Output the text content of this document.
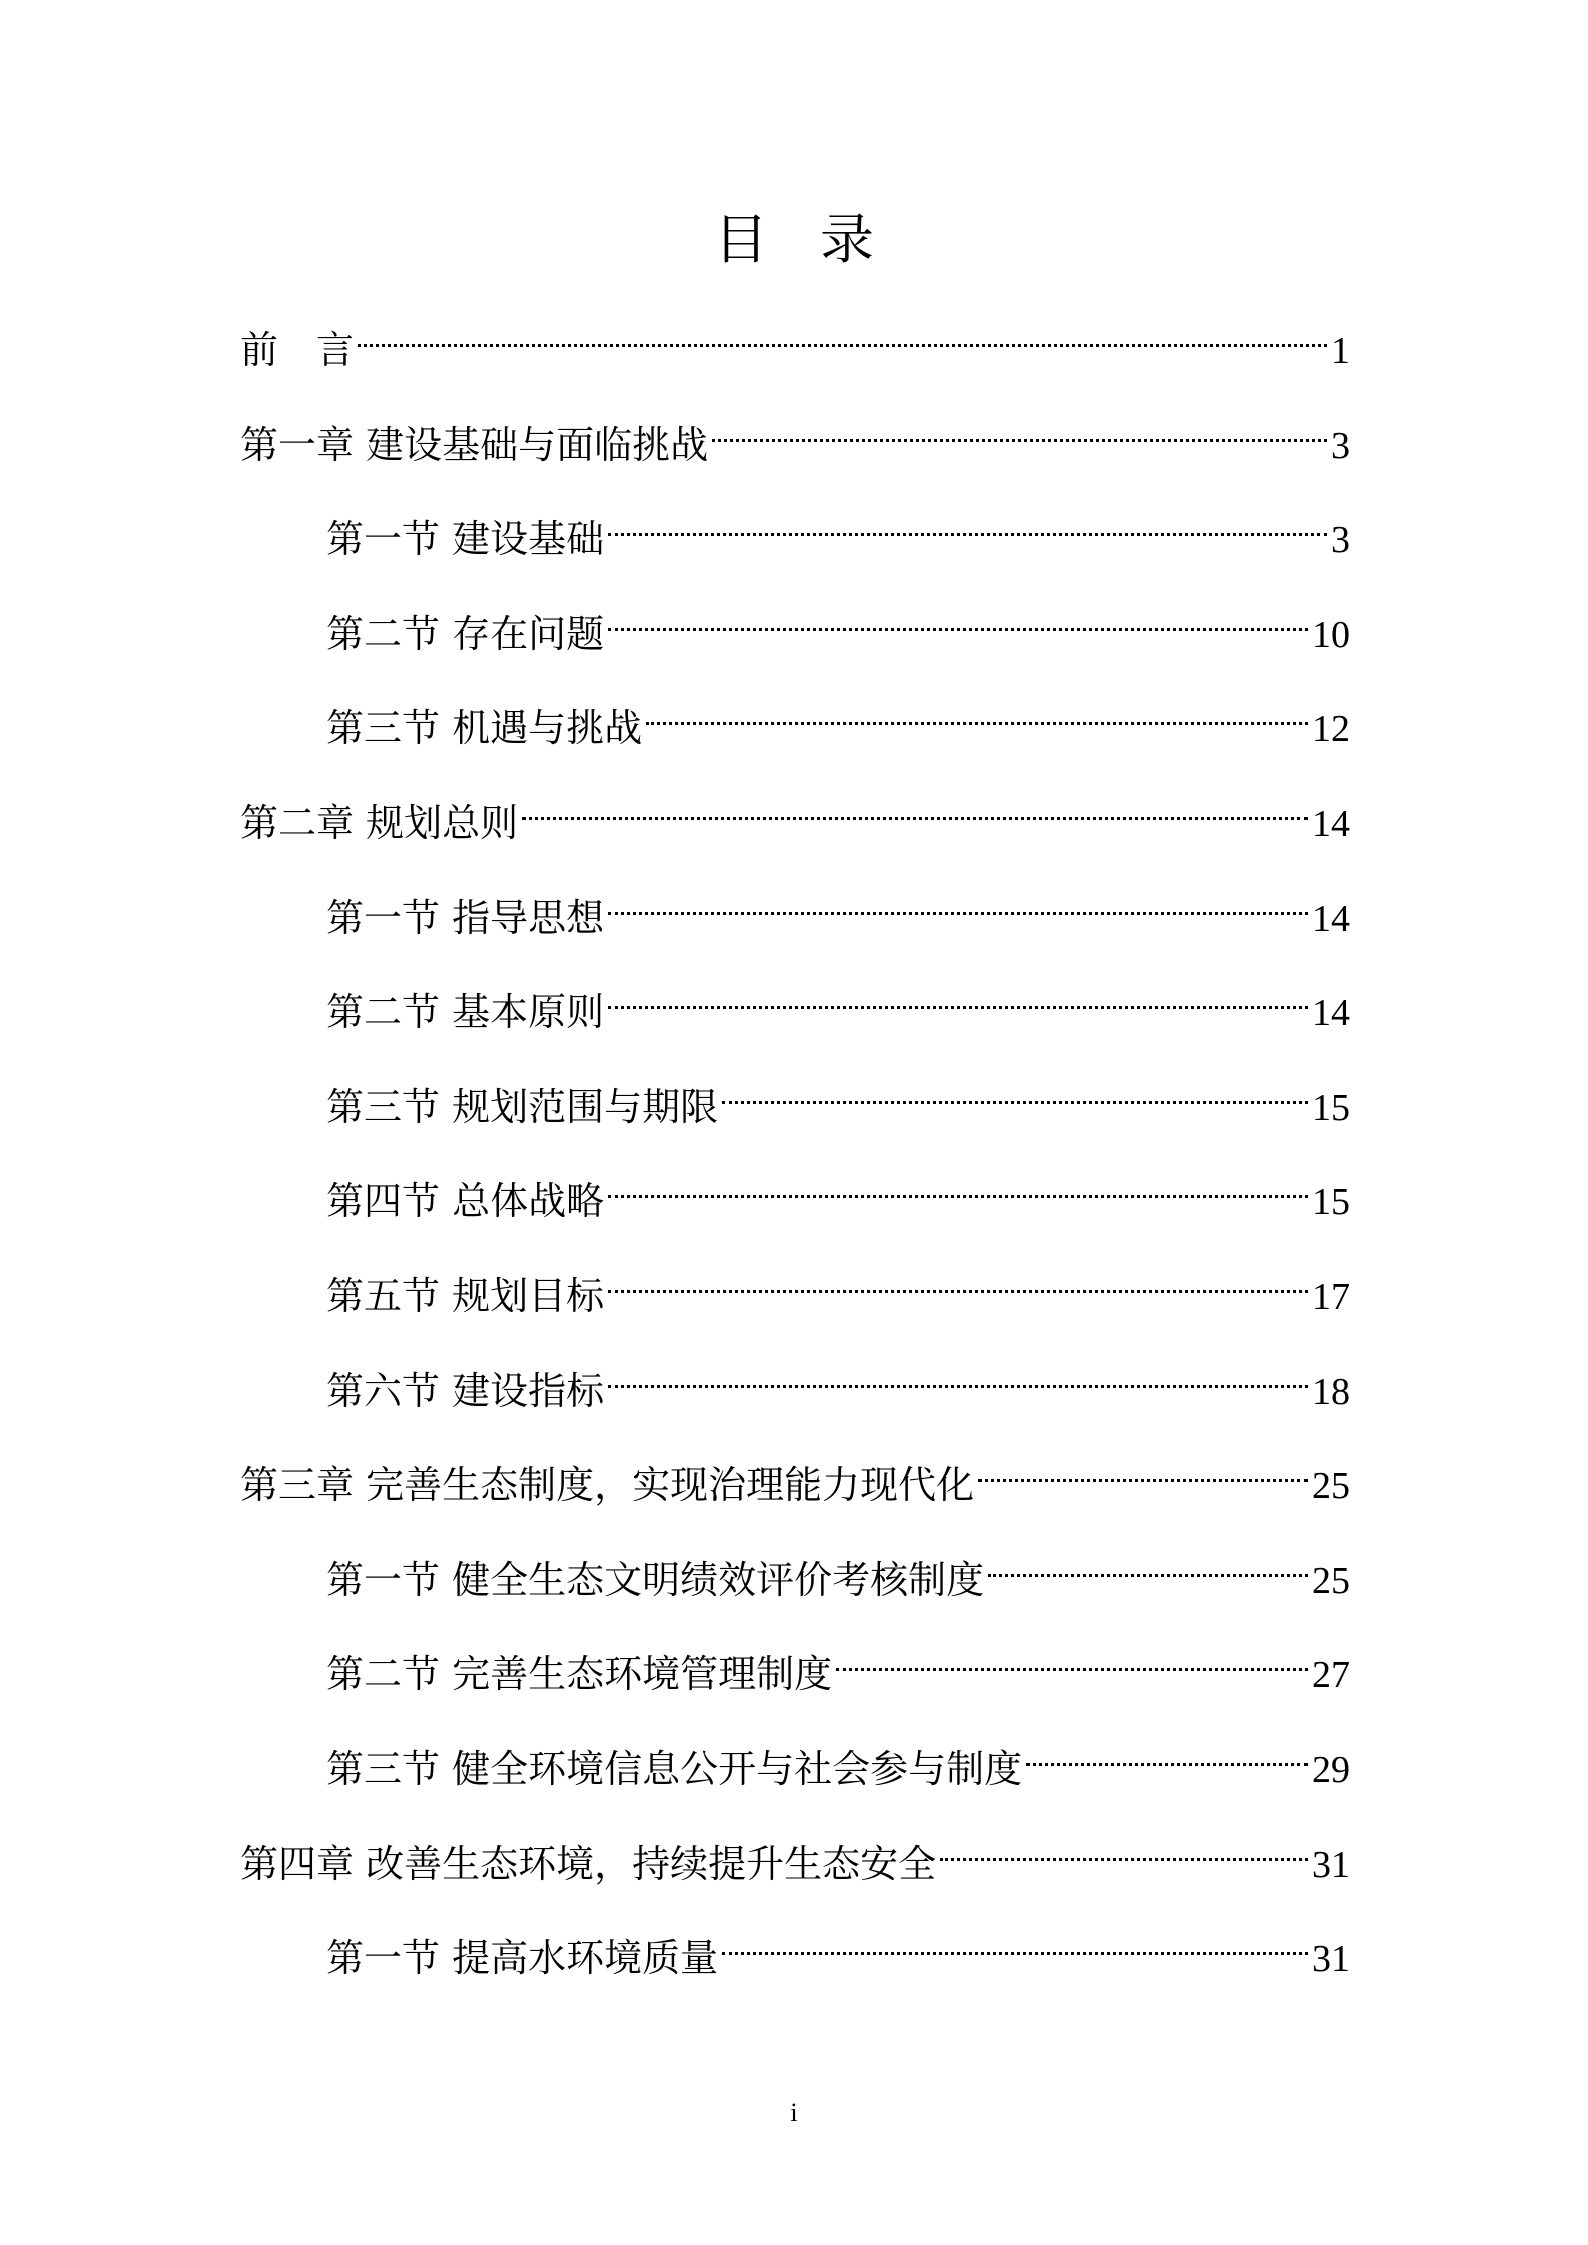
目录
前　言	1
第一章 建设基础与面临挑战	3
第一节 建设基础	3
第二节 存在问题	10
第三节 机遇与挑战	12
第二章 规划总则	14
第一节 指导思想	14
第二节 基本原则	14
第三节 规划范围与期限	15
第四节 总体战略	15
第五节 规划目标	17
第六节 建设指标	18
第三章 完善生态制度，实现治理能力现代化	25
第一节 健全生态文明绩效评价考核制度	25
第二节 完善生态环境管理制度	27
第三节 健全环境信息公开与社会参与制度	29
第四章 改善生态环境，持续提升生态安全	31
第一节 提高水环境质量	31
i
